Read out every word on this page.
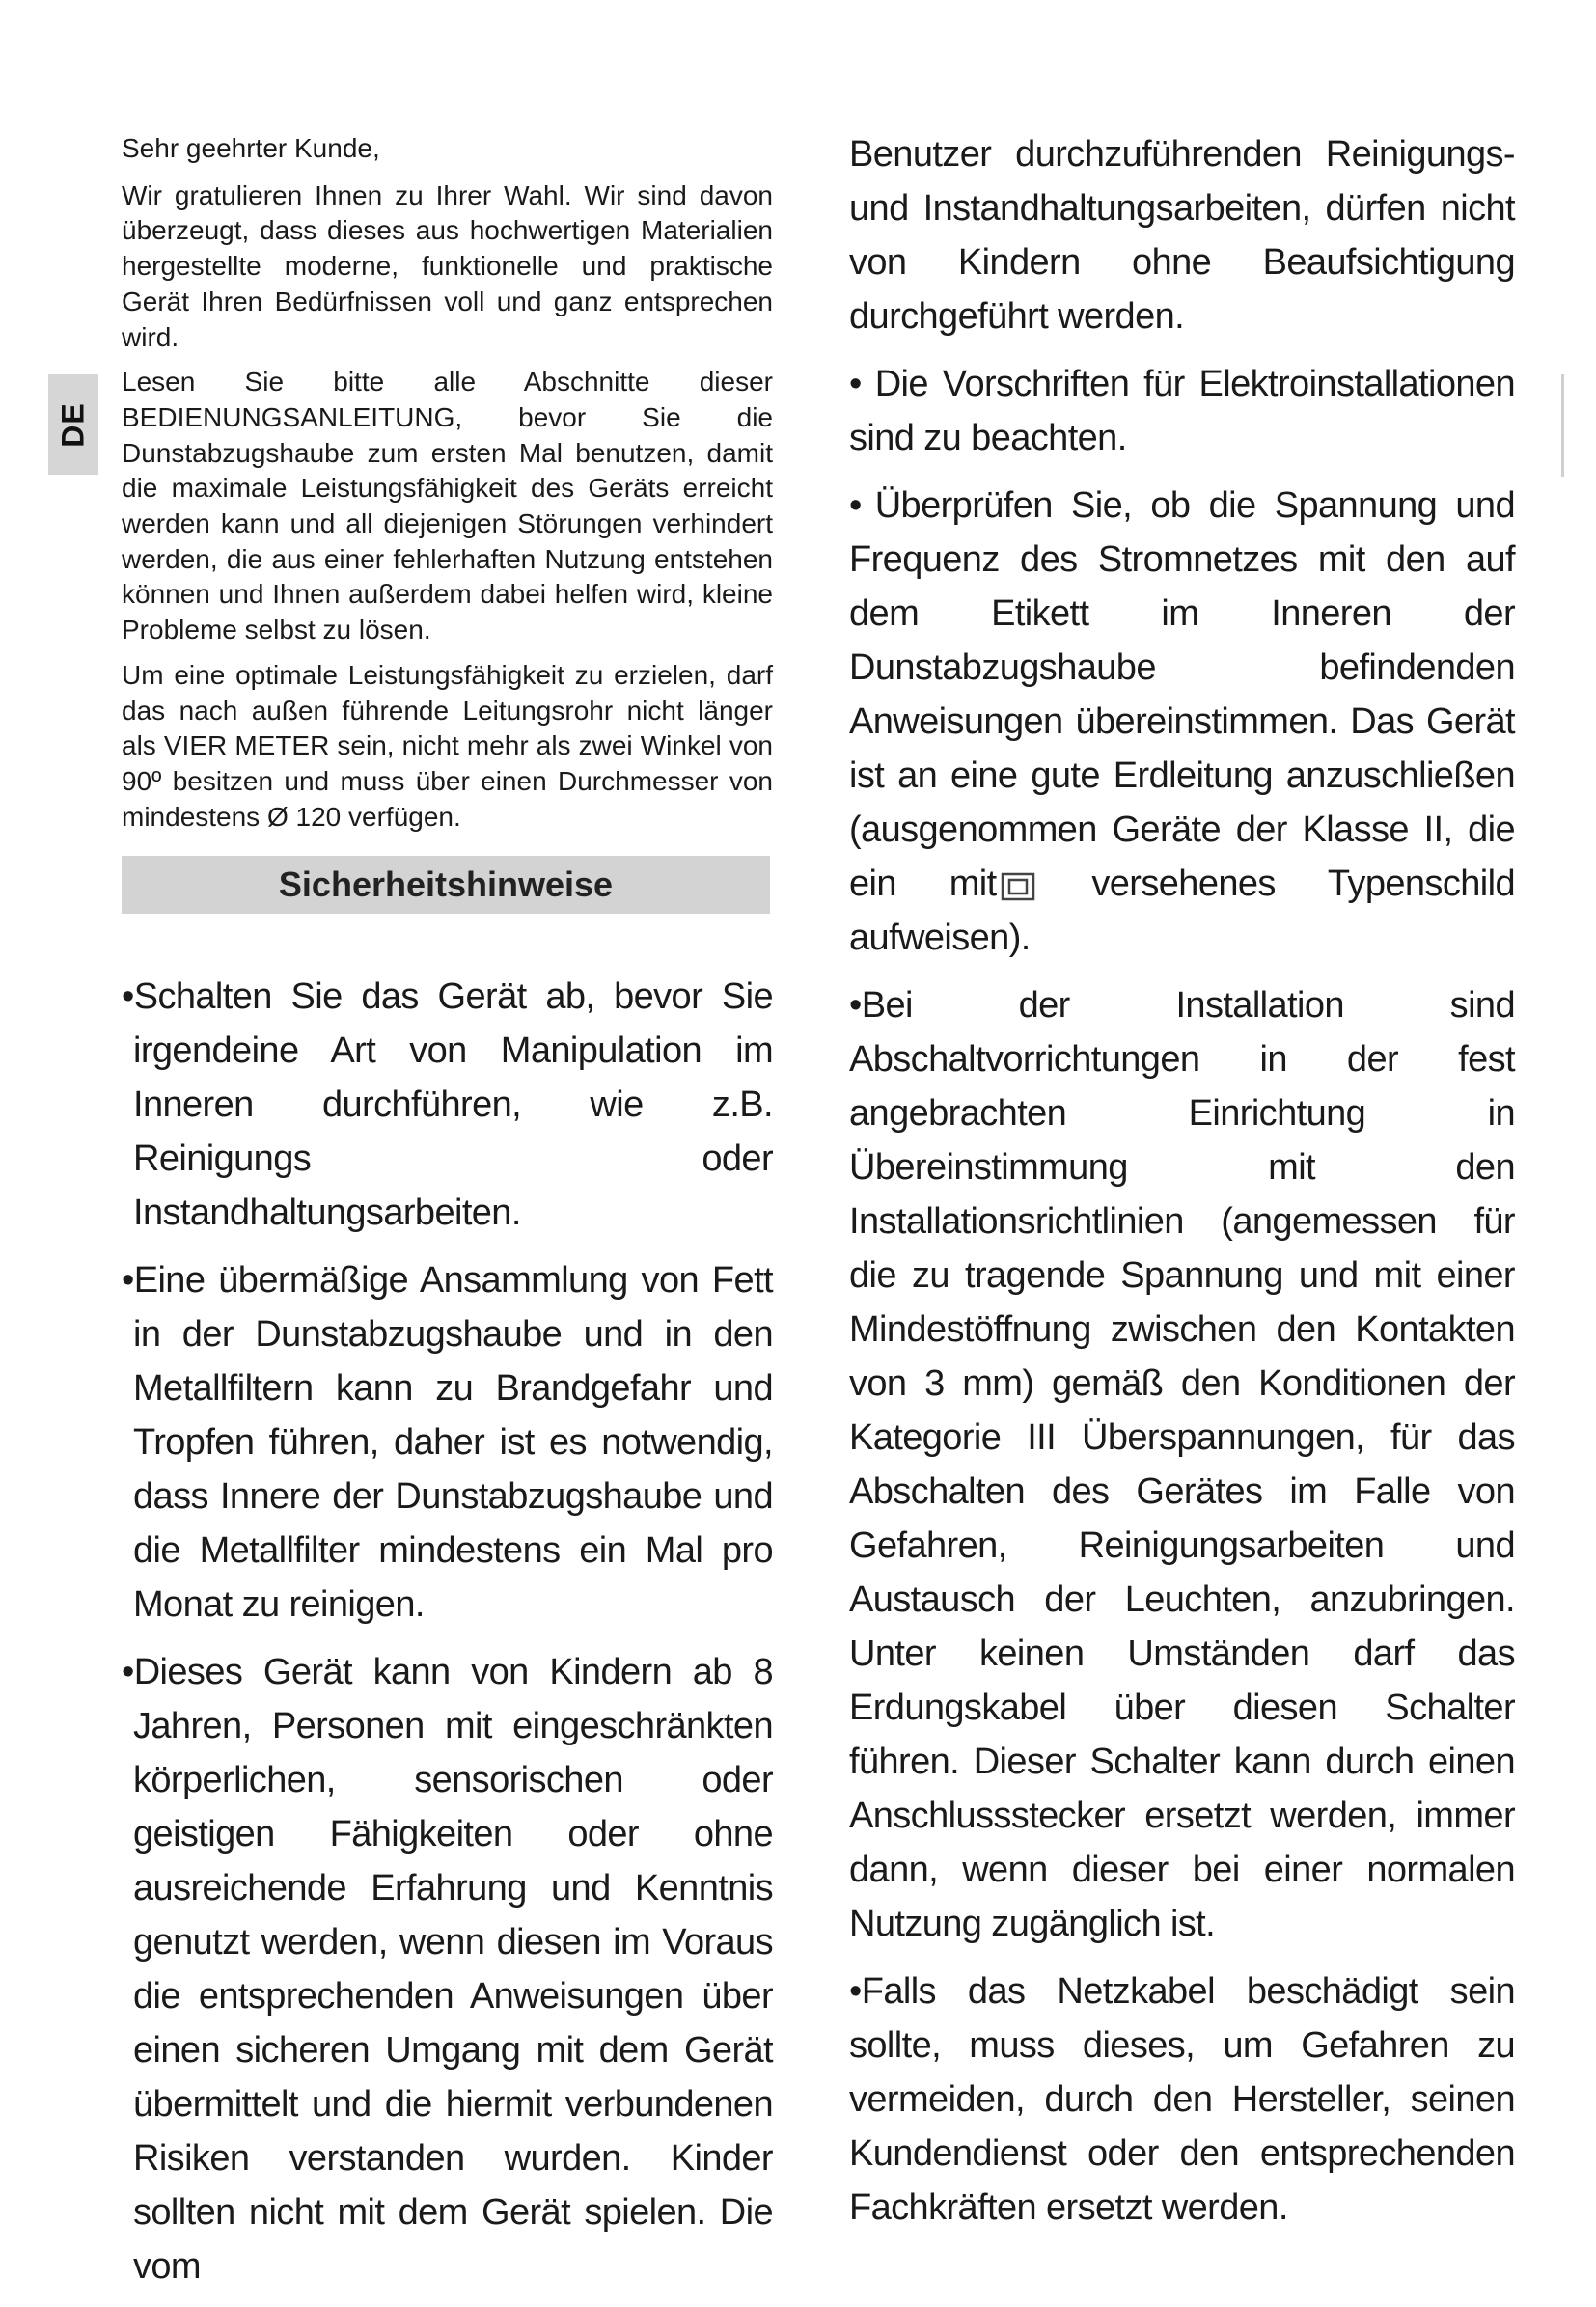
DE

Sehr geehrter Kunde,

Wir gratulieren Ihnen zu Ihrer Wahl. Wir sind davon überzeugt, dass dieses aus hochwertigen Materialien hergestellte moderne, funktionelle und praktische Gerät Ihren Bedürfnissen voll und ganz entsprechen wird.

Lesen Sie bitte alle Abschnitte dieser BEDIENUNGSANLEITUNG, bevor Sie die Dunstabzugshaube zum ersten Mal benutzen, damit die maximale Leistungsfähigkeit des Geräts erreicht werden kann und all diejenigen Störungen verhindert werden, die aus einer fehlerhaften Nutzung entstehen können und Ihnen außerdem dabei helfen wird, kleine Probleme selbst zu lösen.

Um eine optimale Leistungsfähigkeit zu erzielen, darf das nach außen führende Leitungsrohr nicht länger als VIER METER sein, nicht mehr als zwei Winkel von 90º besitzen und muss über einen Durchmesser von mindestens Ø 120 verfügen.

Sicherheitshinweise

•Schalten Sie das Gerät ab, bevor Sie irgendeine Art von Manipulation im Inneren durchführen, wie z.B. Reinigungs oder Instandhaltungsarbeiten.

•Eine übermäßige Ansammlung von Fett in der Dunstabzugshaube und in den Metallfiltern kann zu Brandgefahr und Tropfen führen, daher ist es notwendig, dass Innere der Dunstabzugshaube und die Metallfilter mindestens ein Mal pro Monat zu reinigen.

•Dieses Gerät kann von Kindern ab 8 Jahren, Personen mit eingeschränkten körperlichen, sensorischen oder geistigen Fähigkeiten oder ohne ausreichende Erfahrung und Kenntnis genutzt werden, wenn diesen im Voraus die entsprechenden Anweisungen über einen sicheren Umgang mit dem Gerät übermittelt und die hiermit verbundenen Risiken verstanden wurden. Kinder sollten nicht mit dem Gerät spielen. Die vom

Benutzer durchzuführenden Reinigungs- und Instandhaltungsarbeiten, dürfen nicht von Kindern ohne Beaufsichtigung durchgeführt werden.

• Die Vorschriften für Elektroinstallationen sind zu beachten.

• Überprüfen Sie, ob die Spannung und Frequenz des Stromnetzes mit den auf dem Etikett im Inneren der Dunstabzugshaube befindenden Anweisungen übereinstimmen. Das Gerät ist an eine gute Erdleitung anzuschließen (ausgenommen Geräte der Klasse II, die ein mit	versehenes Typenschild aufweisen).

•Bei der Installation sind Abschaltvorrichtungen in der fest angebrachten Einrichtung in Übereinstimmung mit den Installationsrichtlinien (angemessen für die zu tragende Spannung und mit einer Mindestöffnung zwischen den Kontakten von 3 mm) gemäß den Konditionen der Kategorie III Überspannungen, für das Abschalten des Gerätes im Falle von Gefahren, Reinigungsarbeiten und Austausch der Leuchten, anzubringen. Unter keinen Umständen darf das Erdungskabel über diesen Schalter führen. Dieser Schalter kann durch einen Anschlussstecker ersetzt werden, immer dann, wenn dieser bei einer normalen Nutzung zugänglich ist.

•Falls das Netzkabel beschädigt sein sollte, muss dieses, um Gefahren zu vermeiden, durch den Hersteller, seinen Kundendienst oder den entsprechenden Fachkräften ersetzt werden.
